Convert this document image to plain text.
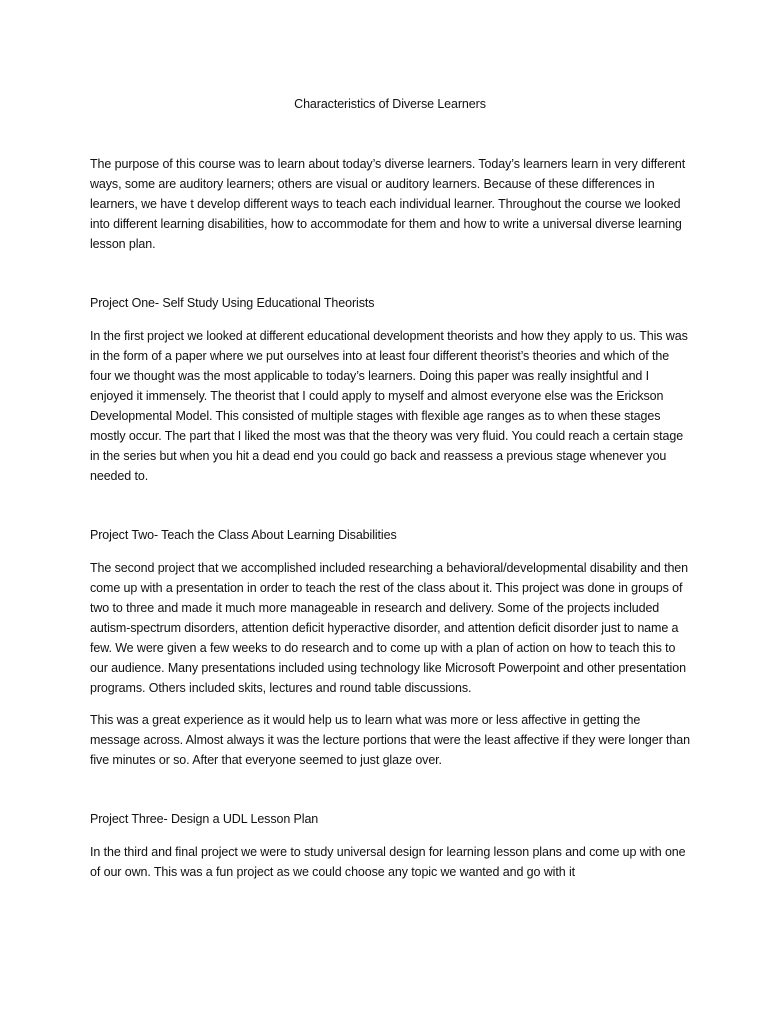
Characteristics of Diverse Learners
The purpose of this course was to learn about today’s diverse learners. Today’s learners learn in very different ways, some are auditory learners; others are visual or auditory learners. Because of these differences in learners, we have t develop different ways to teach each individual learner. Throughout the course we looked into different learning disabilities, how to accommodate for them and how to write a universal diverse learning lesson plan.
Project One- Self Study Using Educational Theorists
In the first project we looked at different educational development theorists and how they apply to us. This was in the form of a paper where we put ourselves into at least four different theorist’s theories and which of the four we thought was the most applicable to today’s learners. Doing this paper was really insightful and I enjoyed it immensely. The theorist that I could apply to myself and almost everyone else was the Erickson Developmental Model. This consisted of multiple stages with flexible age ranges as to when these stages mostly occur. The part that I liked the most was that the theory was very fluid. You could reach a certain stage in the series but when you hit a dead end you could go back and reassess a previous stage whenever you needed to.
Project Two- Teach the Class About Learning Disabilities
The second project that we accomplished included researching a behavioral/developmental disability and then come up with a presentation in order to teach the rest of the class about it. This project was done in groups of two to three and made it much more manageable in research and delivery. Some of the projects included autism-spectrum disorders, attention deficit hyperactive disorder, and attention deficit disorder just to name a few. We were given a few weeks to do research and to come up with a plan of action on how to teach this to our audience. Many presentations included using technology like Microsoft Powerpoint and other presentation programs. Others included skits, lectures and round table discussions.
This was a great experience as it would help us to learn what was more or less affective in getting the message across. Almost always it was the lecture portions that were the least affective if they were longer than five minutes or so. After that everyone seemed to just glaze over.
Project Three- Design a UDL Lesson Plan
In the third and final project we were to study universal design for learning lesson plans and come up with one of our own. This was a fun project as we could choose any topic we wanted and go with it
